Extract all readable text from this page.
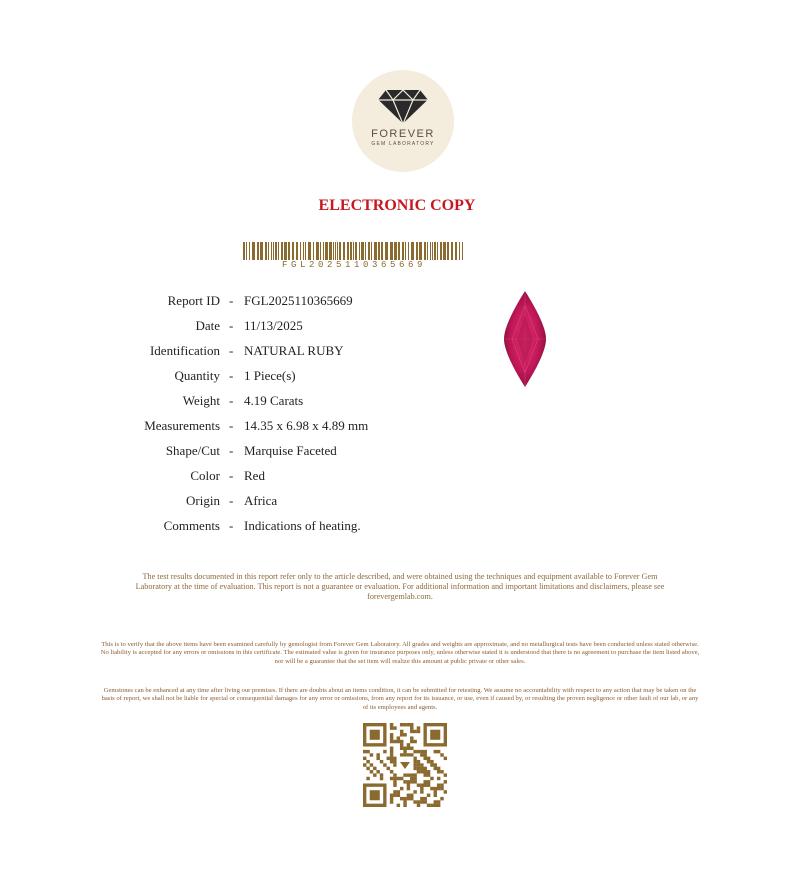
FOREVER
GEM LABORATORY
ELECTRONIC COPY
FGL2025110365669
Report ID - FGL2025110365669
Date - 11/13/2025
Identification - NATURAL RUBY
Quantity - 1 Piece(s)
Weight - 4.19 Carats
Measurements - 14.35 x 6.98 x 4.89 mm
Shape/Cut - Marquise Faceted
Color - Red
Origin - Africa
Comments - Indications of heating.
The test results documented in this report refer only to the article described, and were obtained using the techniques and equipment available to Forever Gem Laboratory at the time of evaluation. This report is not a guarantee or evaluation. For additional information and important limitations and disclaimers, please see forevergemlab.com.
This is to verify that the above items have been examined carefully by gemologist from Forever Gem Laboratory. All grades and weights are approximate, and no metallurgical tests have been conducted unless stated otherwise. No liability is accepted for any errors or omissions in this certificate. The estimated value is given for insurance purposes only, unless otherwise stated it is understood that there is no agreement to purchase the item listed above, nor will be a guarantee that the set item will realize this amount at public private or other sales.
Gemstones can be enhanced at any time after living our premises. If there are doubts about an items condition, it can be submitted for retesting. We assume no accountability with respect to any action that may be taken on the basis of report, we shall not be liable for special or consequential damages for any error or omissions, from any report for its issuance, or use, even if caused by, or resulting the proven negligence or other fault of our lab, or any of its employees and agents.
